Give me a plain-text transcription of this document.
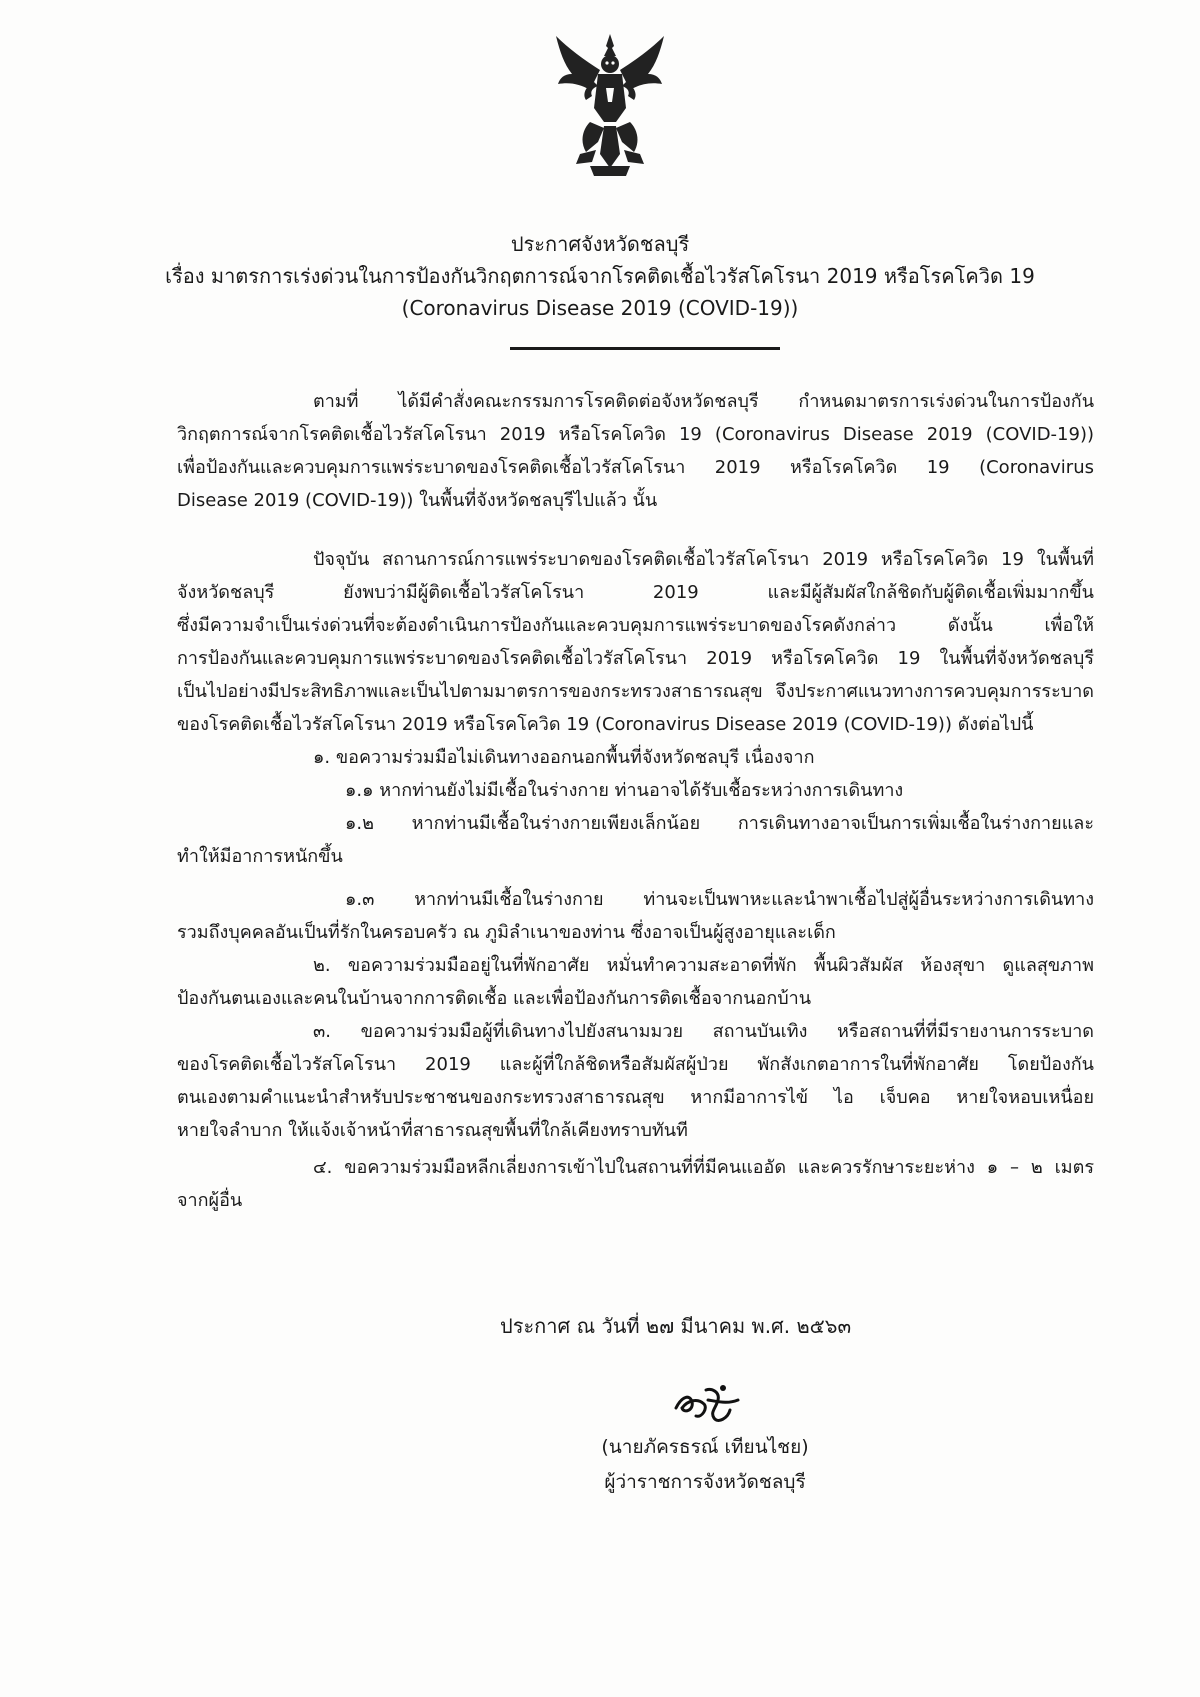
ประกาศจังหวัดชลบุรี
เรื่อง มาตรการเร่งด่วนในการป้องกันวิกฤตการณ์จากโรคติดเชื้อไวรัสโคโรนา 2019 หรือโรคโควิด 19
(Coronavirus Disease 2019 (COVID-19))
ตามที่ ได้มีคำสั่งคณะกรรมการโรคติดต่อจังหวัดชลบุรี กำหนดมาตรการเร่งด่วนในการป้องกัน
วิกฤตการณ์จากโรคติดเชื้อไวรัสโคโรนา 2019 หรือโรคโควิด 19 (Coronavirus Disease 2019 (COVID-19))
เพื่อป้องกันและควบคุมการแพร่ระบาดของโรคติดเชื้อไวรัสโคโรนา 2019 หรือโรคโควิด 19 (Coronavirus
Disease 2019 (COVID-19)) ในพื้นที่จังหวัดชลบุรีไปแล้ว นั้น
ปัจจุบัน สถานการณ์การแพร่ระบาดของโรคติดเชื้อไวรัสโคโรนา 2019 หรือโรคโควิด 19 ในพื้นที่
จังหวัดชลบุรี ยังพบว่ามีผู้ติดเชื้อไวรัสโคโรนา 2019 และมีผู้สัมผัสใกล้ชิดกับผู้ติดเชื้อเพิ่มมากขึ้น
ซึ่งมีความจำเป็นเร่งด่วนที่จะต้องดำเนินการป้องกันและควบคุมการแพร่ระบาดของโรคดังกล่าว ดังนั้น เพื่อให้
การป้องกันและควบคุมการแพร่ระบาดของโรคติดเชื้อไวรัสโคโรนา 2019 หรือโรคโควิด 19 ในพื้นที่จังหวัดชลบุรี
เป็นไปอย่างมีประสิทธิภาพและเป็นไปตามมาตรการของกระทรวงสาธารณสุข จึงประกาศแนวทางการควบคุมการระบาด
ของโรคติดเชื้อไวรัสโคโรนา 2019 หรือโรคโควิด 19 (Coronavirus Disease 2019 (COVID-19)) ดังต่อไปนี้
๑. ขอความร่วมมือไม่เดินทางออกนอกพื้นที่จังหวัดชลบุรี เนื่องจาก
๑.๑ หากท่านยังไม่มีเชื้อในร่างกาย ท่านอาจได้รับเชื้อระหว่างการเดินทาง
๑.๒ หากท่านมีเชื้อในร่างกายเพียงเล็กน้อย การเดินทางอาจเป็นการเพิ่มเชื้อในร่างกายและ
ทำให้มีอาการหนักขึ้น
๑.๓ หากท่านมีเชื้อในร่างกาย ท่านจะเป็นพาหะและนำพาเชื้อไปสู่ผู้อื่นระหว่างการเดินทาง
รวมถึงบุคคลอันเป็นที่รักในครอบครัว ณ ภูมิลำเนาของท่าน ซึ่งอาจเป็นผู้สูงอายุและเด็ก
๒. ขอความร่วมมืออยู่ในที่พักอาศัย หมั่นทำความสะอาดที่พัก พื้นผิวสัมผัส ห้องสุขา ดูแลสุขภาพ
ป้องกันตนเองและคนในบ้านจากการติดเชื้อ และเพื่อป้องกันการติดเชื้อจากนอกบ้าน
๓. ขอความร่วมมือผู้ที่เดินทางไปยังสนามมวย สถานบันเทิง หรือสถานที่ที่มีรายงานการระบาด
ของโรคติดเชื้อไวรัสโคโรนา 2019 และผู้ที่ใกล้ชิดหรือสัมผัสผู้ป่วย พักสังเกตอาการในที่พักอาศัย โดยป้องกัน
ตนเองตามคำแนะนำสำหรับประชาชนของกระทรวงสาธารณสุข หากมีอาการไข้ ไอ เจ็บคอ หายใจหอบเหนื่อย
หายใจลำบาก ให้แจ้งเจ้าหน้าที่สาธารณสุขพื้นที่ใกล้เคียงทราบทันที
๔. ขอความร่วมมือหลีกเลี่ยงการเข้าไปในสถานที่ที่มีคนแออัด และควรรักษาระยะห่าง ๑ – ๒ เมตร
จากผู้อื่น
ประกาศ ณ วันที่ ๒๗ มีนาคม พ.ศ. ๒๕๖๓
(นายภัครธรณ์ เทียนไชย)
ผู้ว่าราชการจังหวัดชลบุรี
